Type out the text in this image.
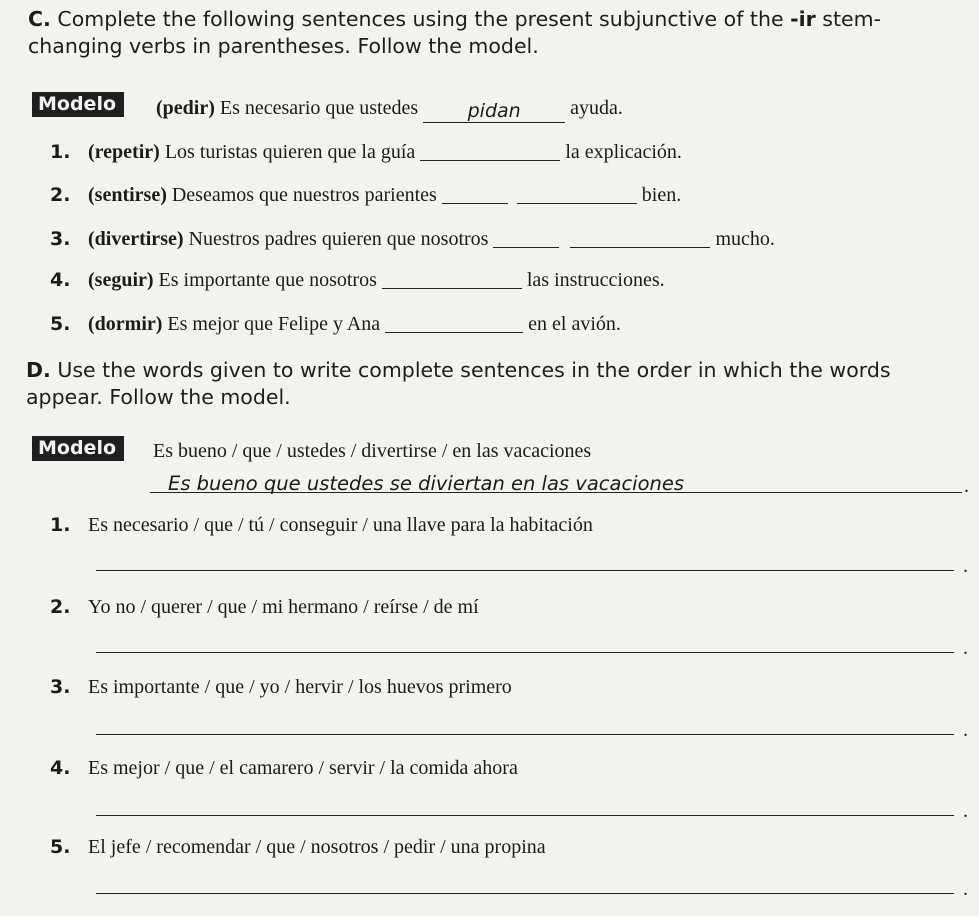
C. Complete the following sentences using the present subjunctive of the -ir stem-changing verbs in parentheses. Follow the model.
Modelo	(pedir) Es necesario que ustedes	pidan ayuda.
1. (repetir) Los turistas quieren que la guía	la explicación.
2. (sentirse) Deseamos que nuestros parientes	bien.
3. (divertirse) Nuestros padres quieren que nosotros	mucho.
4. (seguir) Es importante que nosotros	las instrucciones.
5. (dormir) Es mejor que Felipe y Ana	en el avión.
D. Use the words given to write complete sentences in the order in which the words appear. Follow the model.
Modelo	Es bueno / que / ustedes / divertirse / en las vacaciones
Es bueno que ustedes se diviertan en las vacaciones	.
1. Es necesario / que / tú / conseguir / una llave para la habitación
.
2. Yo no / querer / que / mi hermano / reírse / de mí
.
3. Es importante / que / yo / hervir / los huevos primero
.
4. Es mejor / que / el camarero / servir / la comida ahora
.
5. El jefe / recomendar / que / nosotros / pedir / una propina
.
